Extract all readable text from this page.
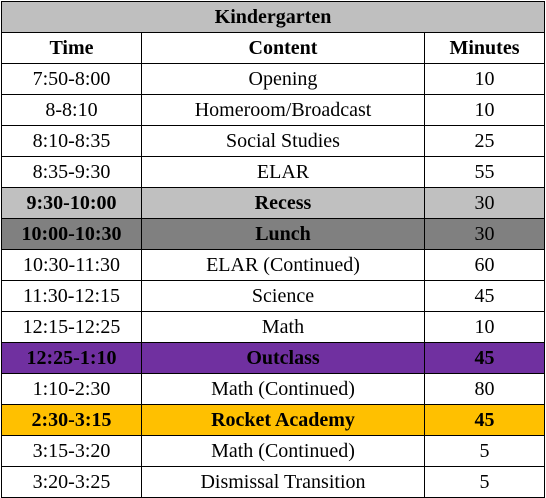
Kindergarten		
Time	Content	Minutes
7:50-8:00	Opening	10
8-8:10	Homeroom/Broadcast	10
8:10-8:35	Social Studies	25
8:35-9:30	ELAR	55
9:30-10:00	Recess	30
10:00-10:30	Lunch	30
10:30-11:30	ELAR (Continued)	60
11:30-12:15	Science	45
12:15-12:25	Math	10
12:25-1:10	Outclass	45
1:10-2:30	Math (Continued)	80
2:30-3:15	Rocket Academy	45
3:15-3:20	Math (Continued)	5
3:20-3:25	Dismissal Transition	5
